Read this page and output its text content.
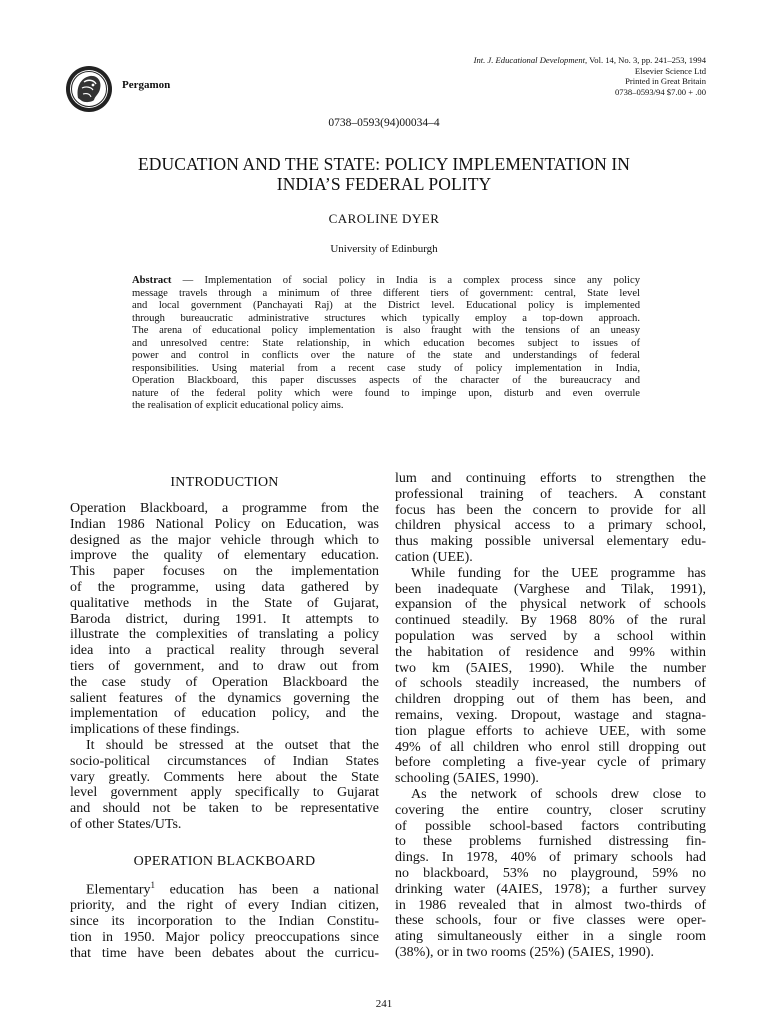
Pergamon
Int. J. Educational Development, Vol. 14, No. 3, pp. 241–253, 1994
Elsevier Science Ltd
Printed in Great Britain
0738–0593/94 $7.00 + .00
0738–0593(94)00034–4
EDUCATION AND THE STATE: POLICY IMPLEMENTATION IN
INDIA’S FEDERAL POLITY
CAROLINE DYER
University of Edinburgh
Abstract — Implementation of social policy in India is a complex process since any policy
message travels through a minimum of three different tiers of government: central, State level
and local government (Panchayati Raj) at the District level. Educational policy is implemented
through bureaucratic administrative structures which typically employ a top-down approach.
The arena of educational policy implementation is also fraught with the tensions of an uneasy
and unresolved centre: State relationship, in which education becomes subject to issues of
power and control in conflicts over the nature of the state and understandings of federal
responsibilities. Using material from a recent case study of policy implementation in India,
Operation Blackboard, this paper discusses aspects of the character of the bureaucracy and
nature of the federal polity which were found to impinge upon, disturb and even overrule
the realisation of explicit educational policy aims.
INTRODUCTION
Operation Blackboard, a programme from the
Indian 1986 National Policy on Education, was
designed as the major vehicle through which to
improve the quality of elementary education.
This paper focuses on the implementation
of the programme, using data gathered by
qualitative methods in the State of Gujarat,
Baroda district, during 1991. It attempts to
illustrate the complexities of translating a policy
idea into a practical reality through several
tiers of government, and to draw out from
the case study of Operation Blackboard the
salient features of the dynamics governing the
implementation of education policy, and the
implications of these findings.
It should be stressed at the outset that the
socio-political circumstances of Indian States
vary greatly. Comments here about the State
level government apply specifically to Gujarat
and should not be taken to be representative
of other States/UTs.
OPERATION BLACKBOARD
Elementary$^1$ education has been a national
priority, and the right of every Indian citizen,
since its incorporation to the Indian Constitu-
tion in 1950. Major policy preoccupations since
that time have been debates about the curricu-
lum and continuing efforts to strengthen the
professional training of teachers. A constant
focus has been the concern to provide for all
children physical access to a primary school,
thus making possible universal elementary edu-
cation (UEE).
While funding for the UEE programme has
been inadequate (Varghese and Tilak, 1991),
expansion of the physical network of schools
continued steadily. By 1968 80% of the rural
population was served by a school within
the habitation of residence and 99% within
two km (5AIES, 1990). While the number
of schools steadily increased, the numbers of
children dropping out of them has been, and
remains, vexing. Dropout, wastage and stagna-
tion plague efforts to achieve UEE, with some
49% of all children who enrol still dropping out
before completing a five-year cycle of primary
schooling (5AIES, 1990).
As the network of schools drew close to
covering the entire country, closer scrutiny
of possible school-based factors contributing
to these problems furnished distressing fin-
dings. In 1978, 40% of primary schools had
no blackboard, 53% no playground, 59% no
drinking water (4AIES, 1978); a further survey
in 1986 revealed that in almost two-thirds of
these schools, four or five classes were oper-
ating simultaneously either in a single room
(38%), or in two rooms (25%) (5AIES, 1990).
241
